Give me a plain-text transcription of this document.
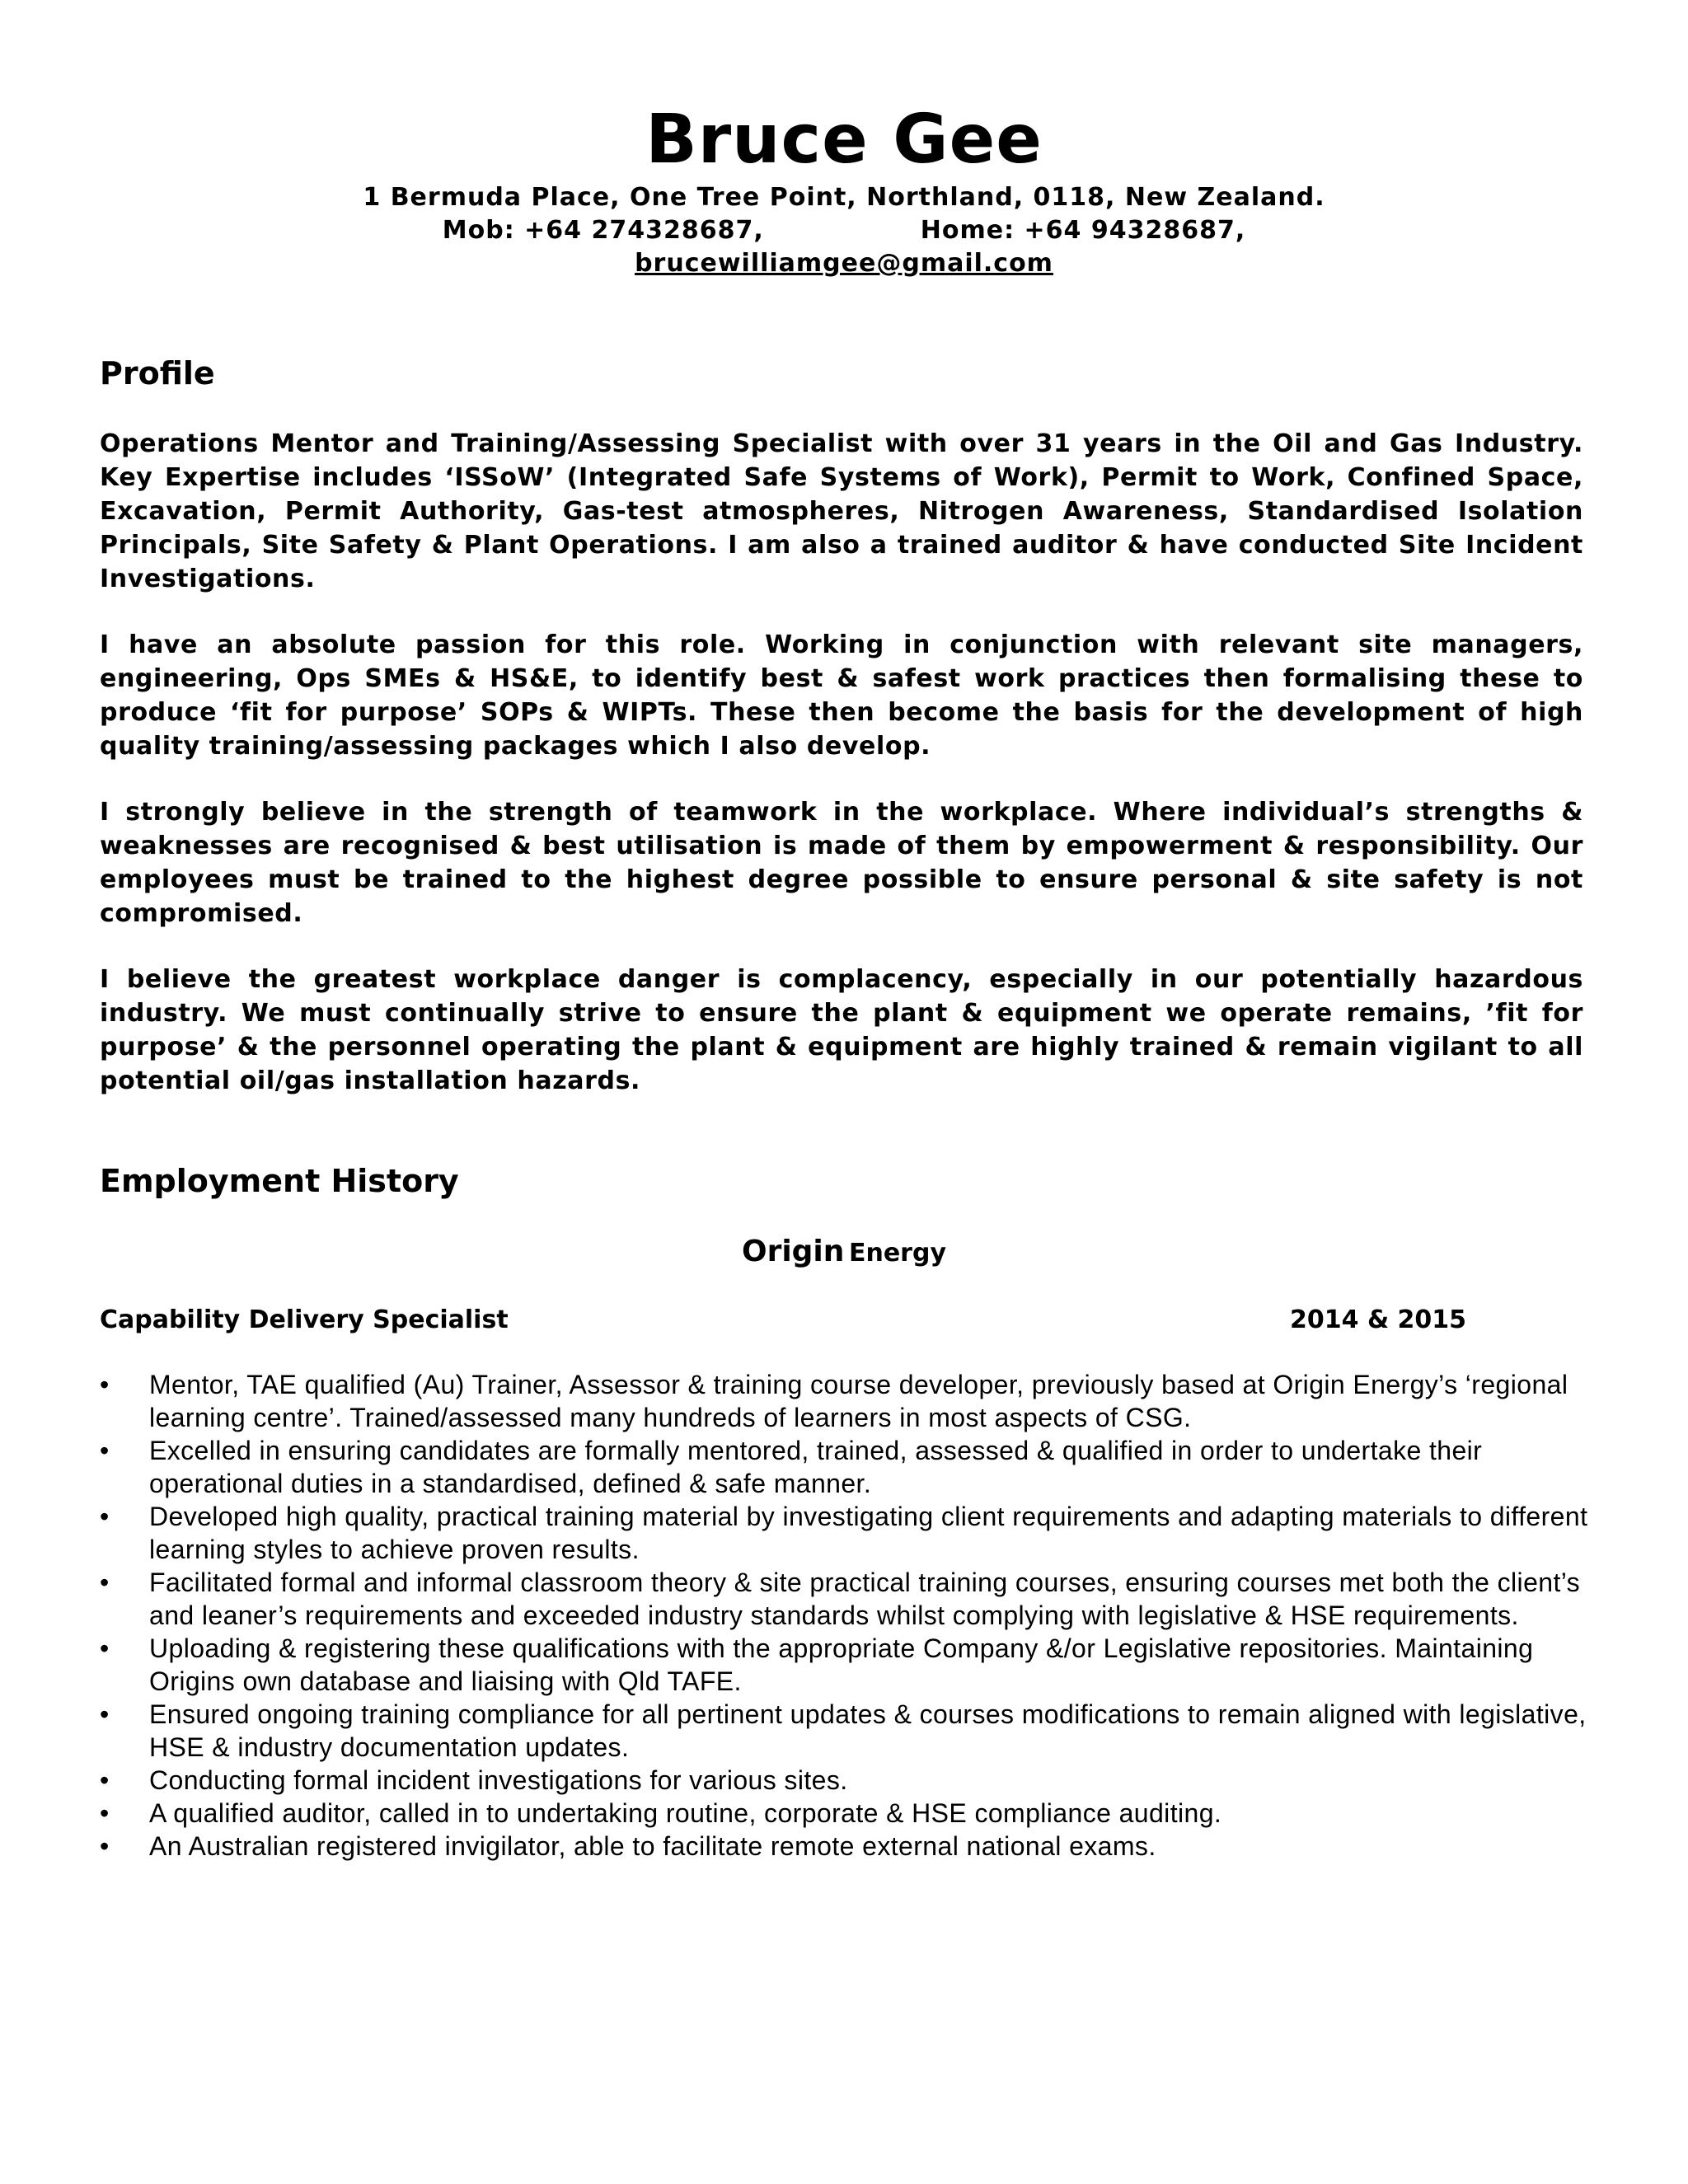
Bruce Gee
1 Bermuda Place, One Tree Point, Northland, 0118, New Zealand.
Mob: +64 274328687,	Home: +64 94328687,
brucewilliamgee@gmail.com
Profile
Operations Mentor and Training/Assessing Specialist with over 31 years in the Oil and Gas Industry. Key Expertise includes ‘ISSoW’ (Integrated Safe Systems of Work), Permit to Work, Confined Space, Excavation, Permit Authority, Gas-test atmospheres, Nitrogen Awareness, Standardised Isolation Principals, Site Safety & Plant Operations. I am also a trained auditor & have conducted Site Incident Investigations.
I have an absolute passion for this role. Working in conjunction with relevant site managers, engineering, Ops SMEs & HS&E, to identify best & safest work practices then formalising these to produce ‘fit for purpose’ SOPs & WIPTs. These then become the basis for the development of high quality training/assessing packages which I also develop.
I strongly believe in the strength of teamwork in the workplace. Where individual’s strengths & weaknesses are recognised & best utilisation is made of them by empowerment & responsibility. Our employees must be trained to the highest degree possible to ensure personal & site safety is not compromised.
I believe the greatest workplace danger is complacency, especially in our potentially hazardous industry. We must continually strive to ensure the plant & equipment we operate remains, ’fit for purpose’ & the personnel operating the plant & equipment are highly trained & remain vigilant to all potential oil/gas installation hazards.
Employment History
Origin Energy
Capability Delivery Specialist	2014 & 2015
•	Mentor, TAE qualified (Au) Trainer, Assessor & training course developer, previously based at Origin Energy’s ‘regional learning centre’. Trained/assessed many hundreds of learners in most aspects of CSG.
•	Excelled in ensuring candidates are formally mentored, trained, assessed & qualified in order to undertake their operational duties in a standardised, defined & safe manner.
•	Developed high quality, practical training material by investigating client requirements and adapting materials to different learning styles to achieve proven results.
•	Facilitated formal and informal classroom theory & site practical training courses, ensuring courses met both the client’s and leaner’s requirements and exceeded industry standards whilst complying with legislative & HSE requirements.
•	Uploading & registering these qualifications with the appropriate Company &/or Legislative repositories. Maintaining Origins own database and liaising with Qld TAFE.
•	Ensured ongoing training compliance for all pertinent updates & courses modifications to remain aligned with legislative, HSE & industry documentation updates.
•	Conducting formal incident investigations for various sites.
•	A qualified auditor, called in to undertaking routine, corporate & HSE compliance auditing.
•	An Australian registered invigilator, able to facilitate remote external national exams.
